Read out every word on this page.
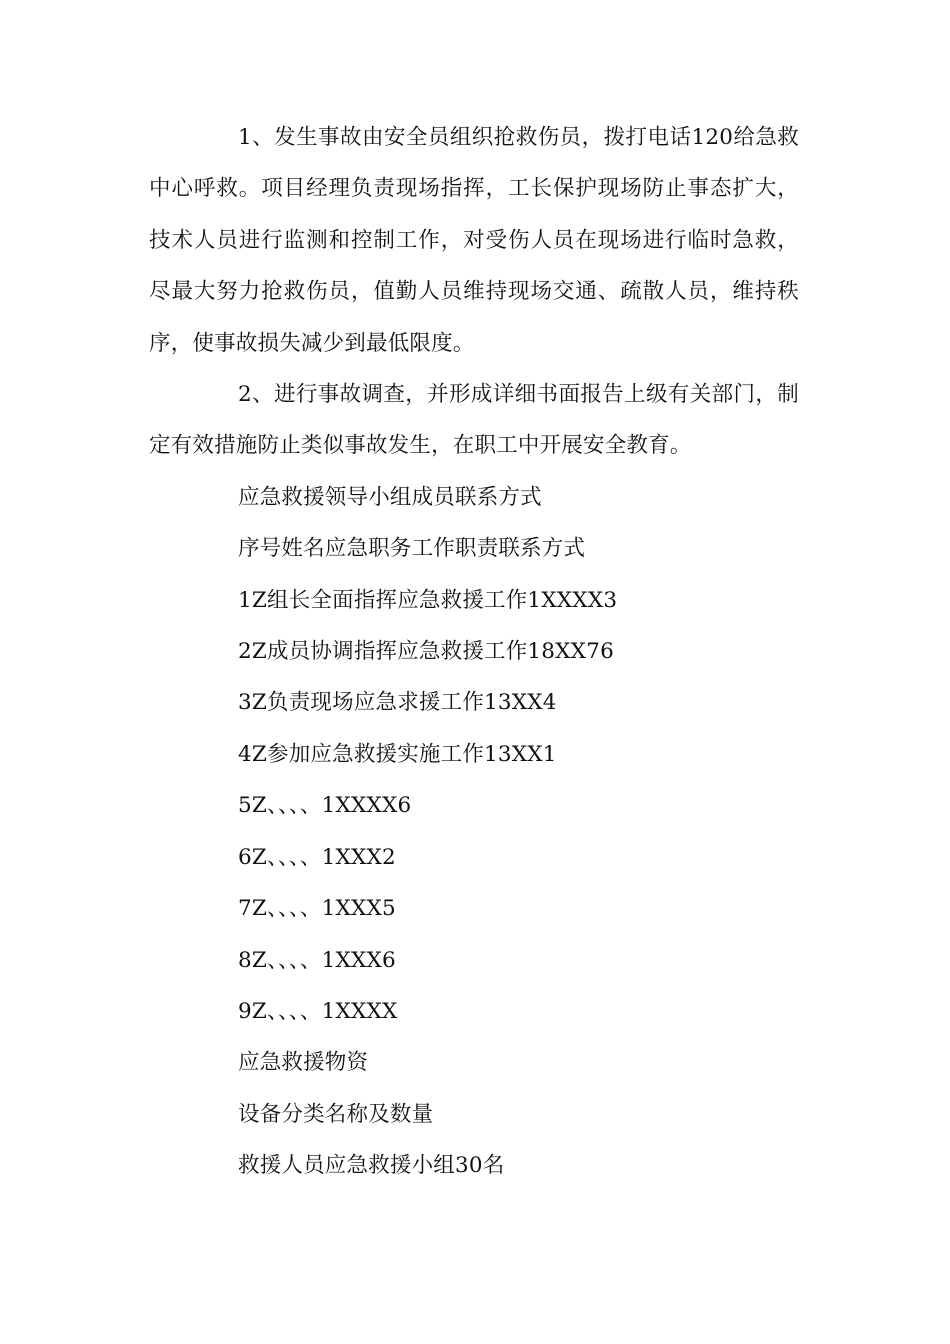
1、发生事故由安全员组织抢救伤员，拨打电话120给急救中心呼救。项目经理负责现场指挥，工长保护现场防止事态扩大，技术人员进行监测和控制工作，对受伤人员在现场进行临时急救，尽最大努力抢救伤员，值勤人员维持现场交通、疏散人员，维持秩序，使事故损失减少到最低限度。

2、进行事故调查，并形成详细书面报告上级有关部门，制定有效措施防止类似事故发生，在职工中开展安全教育。

应急救援领导小组成员联系方式

序号姓名应急职务工作职责联系方式

1Z组长全面指挥应急救援工作1XXXX3

2Z成员协调指挥应急救援工作18XX76

3Z负责现场应急求援工作13XX4

4Z参加应急救援实施工作13XX1

5Z、、、、1XXXX6

6Z、、、、1XXX2

7Z、、、、1XXX5

8Z、、、、1XXX6

9Z、、、、1XXXX

应急救援物资

设备分类名称及数量

救援人员应急救援小组30名
